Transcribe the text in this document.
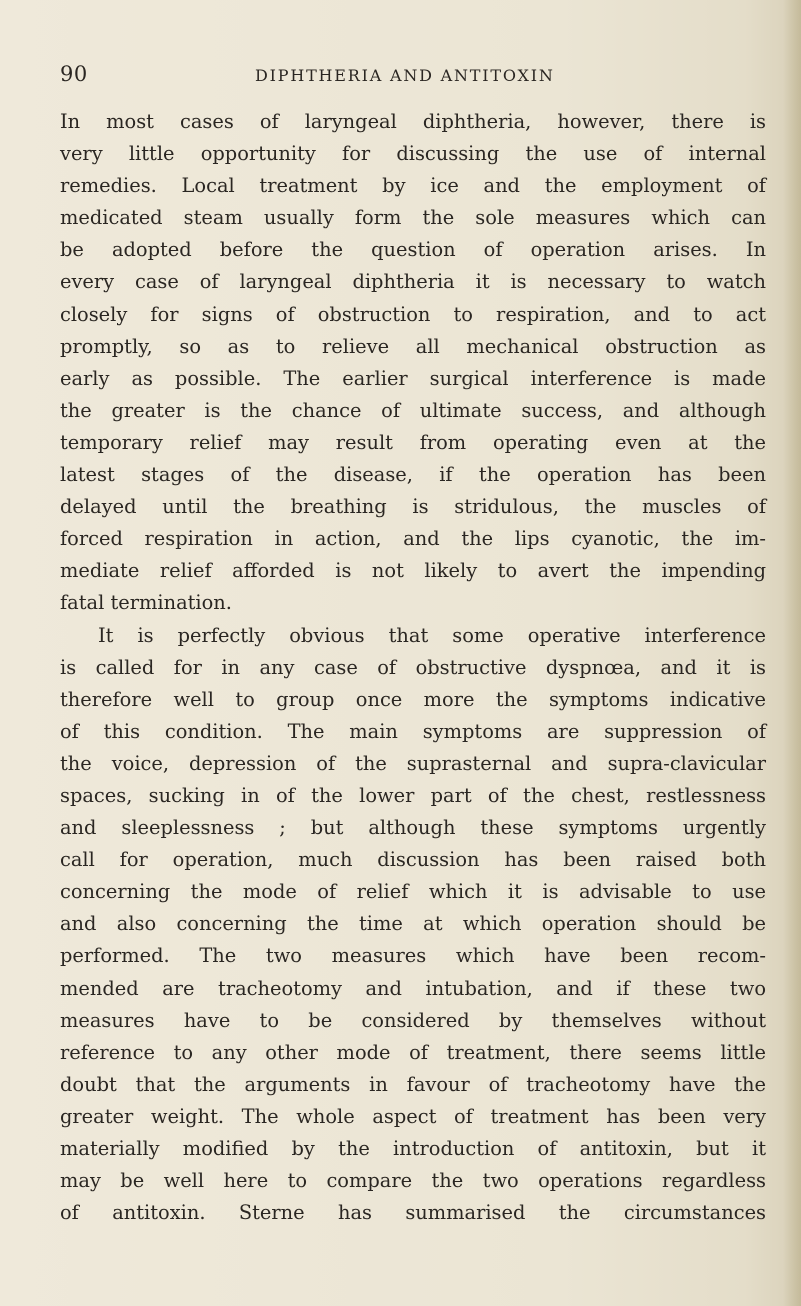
90	DIPHTHERIA AND ANTITOXIN
In most cases of laryngeal diphtheria, however, there is
very little opportunity for discussing the use of internal
remedies. Local treatment by ice and the employment of
medicated steam usually form the sole measures which can
be adopted before the question of operation arises. In
every case of laryngeal diphtheria it is necessary to watch
closely for signs of obstruction to respiration, and to act
promptly, so as to relieve all mechanical obstruction as
early as possible. The earlier surgical interference is made
the greater is the chance of ultimate success, and although
temporary relief may result from operating even at the
latest stages of the disease, if the operation has been
delayed until the breathing is stridulous, the muscles of
forced respiration in action, and the lips cyanotic, the im-
mediate relief afforded is not likely to avert the impending
fatal termination.
It is perfectly obvious that some operative interference
is called for in any case of obstructive dyspnœa, and it is
therefore well to group once more the symptoms indicative
of this condition. The main symptoms are suppression of
the voice, depression of the suprasternal and supra-clavicular
spaces, sucking in of the lower part of the chest, restlessness
and sleeplessness ; but although these symptoms urgently
call for operation, much discussion has been raised both
concerning the mode of relief which it is advisable to use
and also concerning the time at which operation should be
performed. The two measures which have been recom-
mended are tracheotomy and intubation, and if these two
measures have to be considered by themselves without
reference to any other mode of treatment, there seems little
doubt that the arguments in favour of tracheotomy have the
greater weight. The whole aspect of treatment has been very
materially modified by the introduction of antitoxin, but it
may be well here to compare the two operations regardless
of antitoxin. Sterne has summarised the circumstances
